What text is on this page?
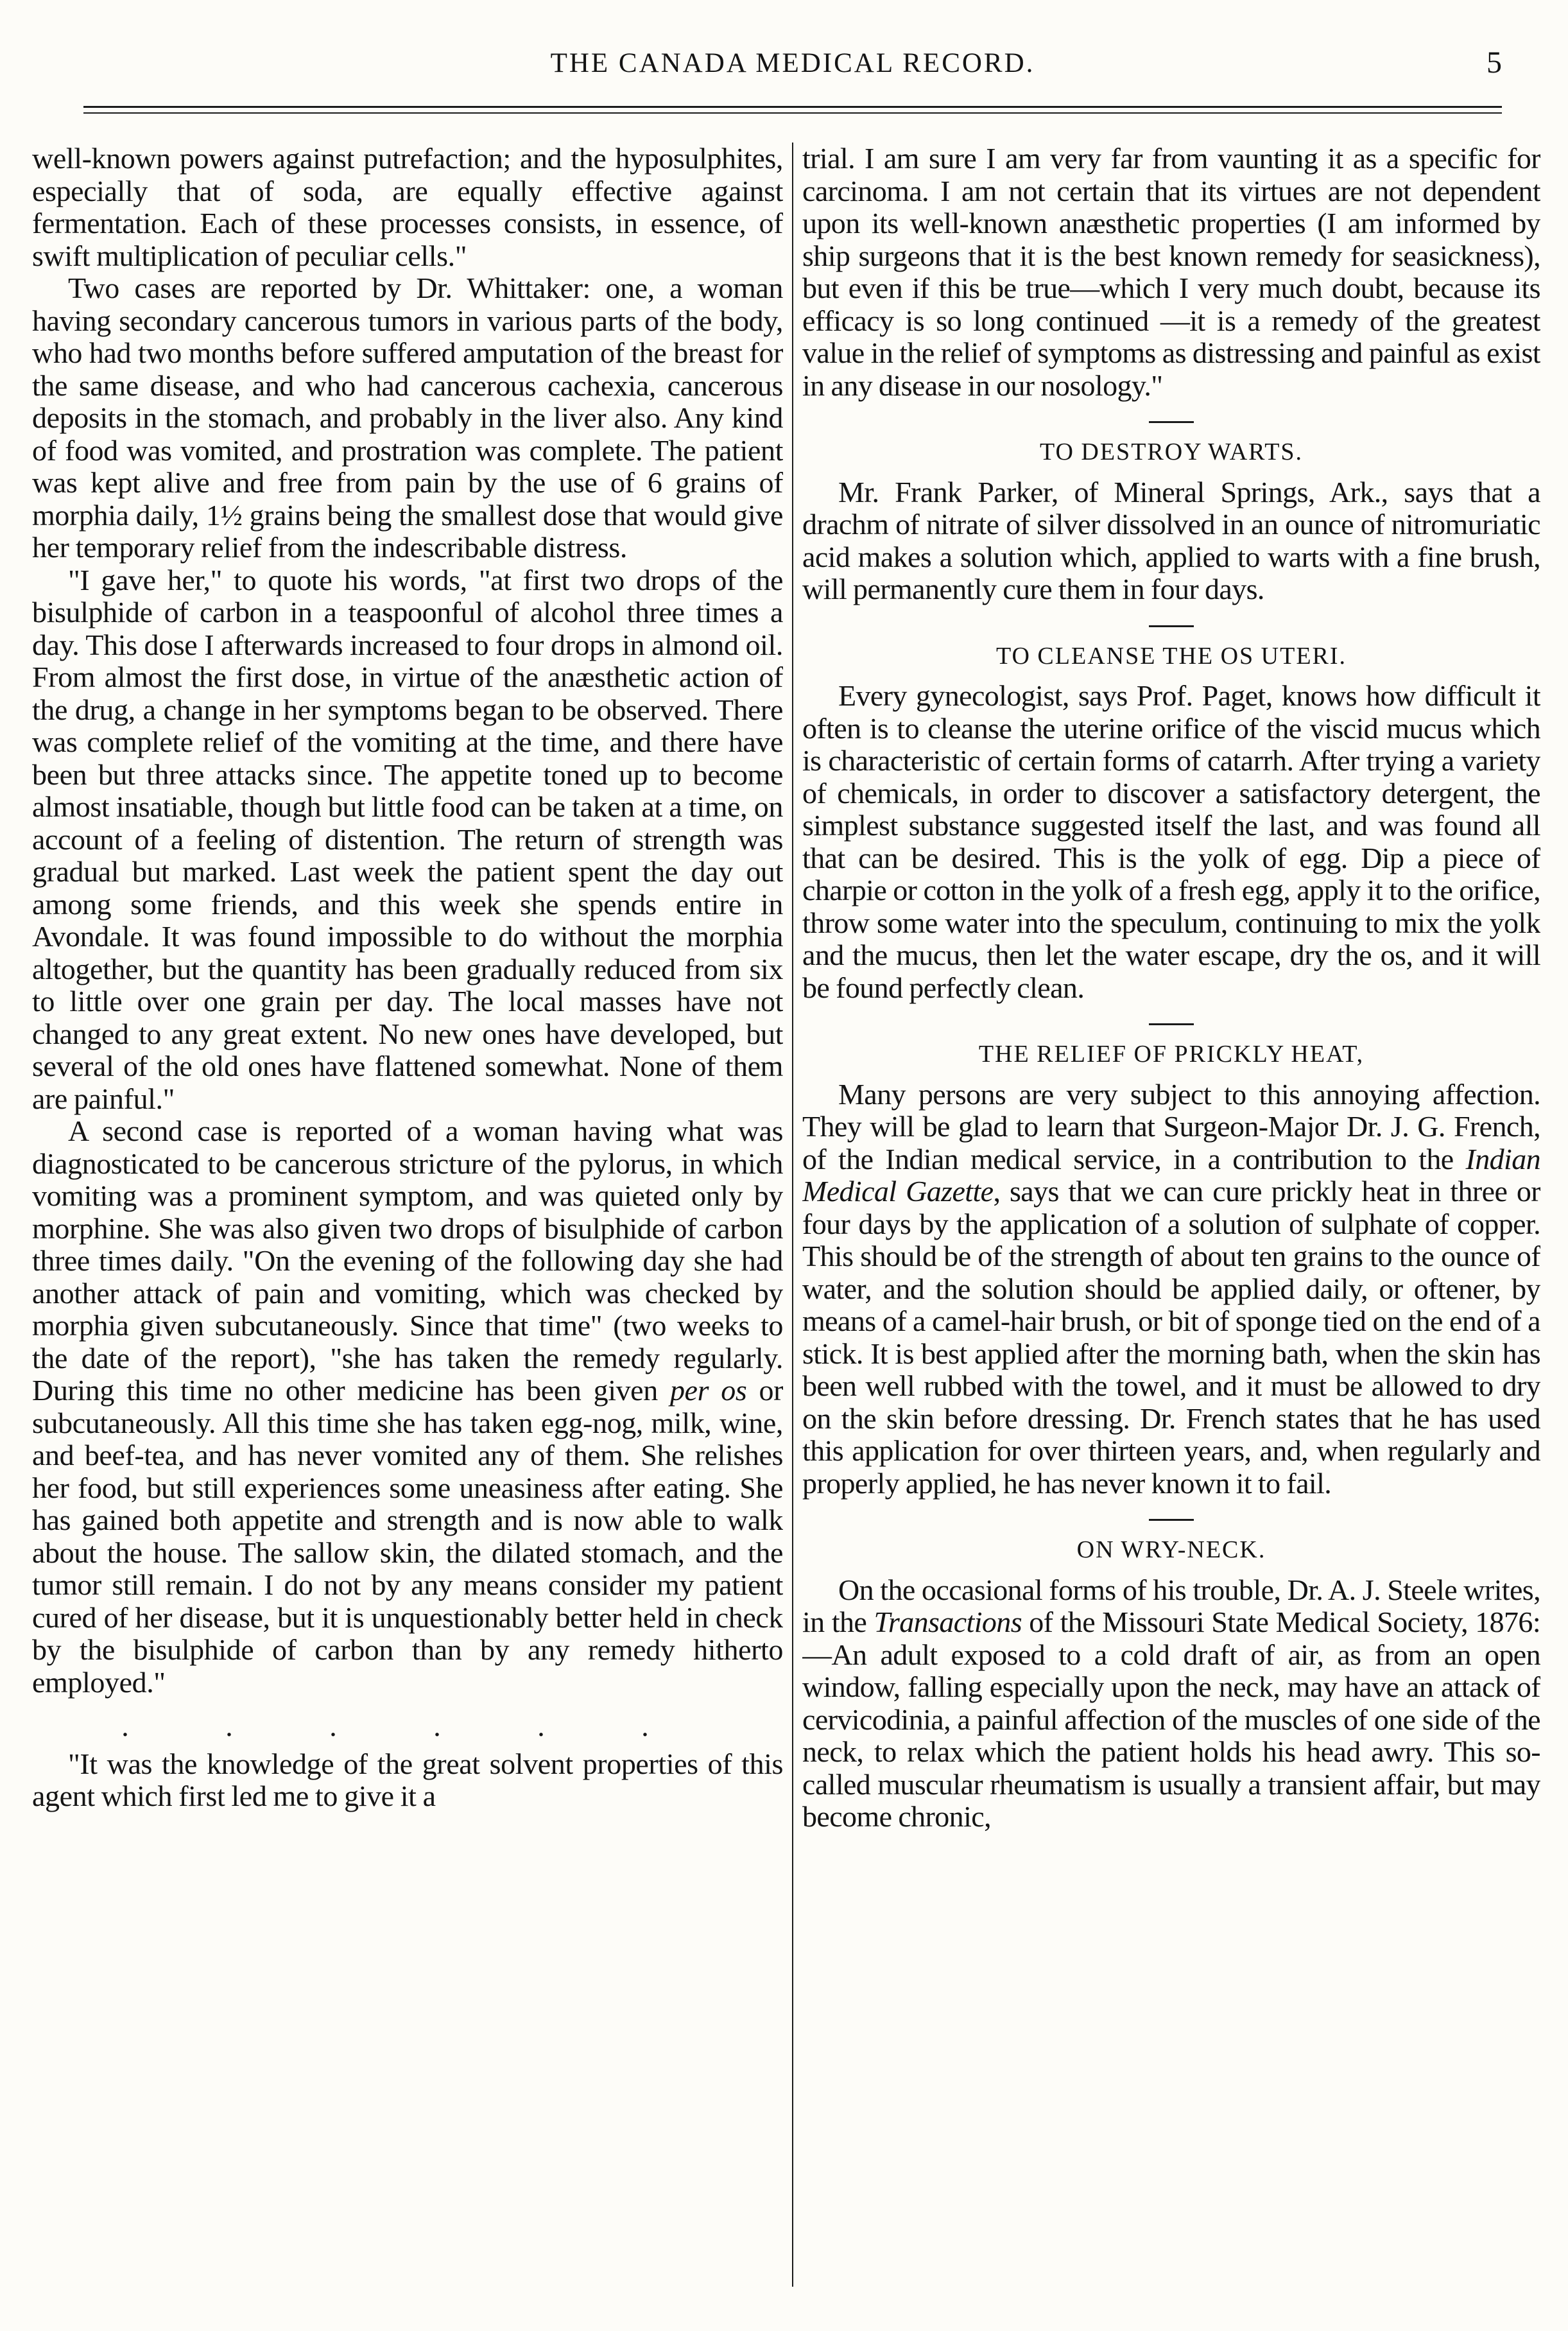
THE CANADA MEDICAL RECORD.	5

well-known powers against putrefaction; and the hyposulphites, especially that of soda, are equally effective against fermentation. Each of these processes consists, in essence, of swift multiplication of peculiar cells."

Two cases are reported by Dr. Whittaker: one, a woman having secondary cancerous tumors in various parts of the body, who had two months before suffered amputation of the breast for the same disease, and who had cancerous cachexia, cancerous deposits in the stomach, and probably in the liver also. Any kind of food was vomited, and prostration was complete. The patient was kept alive and free from pain by the use of 6 grains of morphia daily, 1½ grains being the smallest dose that would give her temporary relief from the indescribable distress.

"I gave her," to quote his words, "at first two drops of the bisulphide of carbon in a teaspoonful of alcohol three times a day. This dose I afterwards increased to four drops in almond oil. From almost the first dose, in virtue of the anæsthetic action of the drug, a change in her symptoms began to be observed. There was complete relief of the vomiting at the time, and there have been but three attacks since. The appetite toned up to become almost insatiable, though but little food can be taken at a time, on account of a feeling of distention. The return of strength was gradual but marked. Last week the patient spent the day out among some friends, and this week she spends entire in Avondale. It was found impossible to do without the morphia altogether, but the quantity has been gradually reduced from six to little over one grain per day. The local masses have not changed to any great extent. No new ones have developed, but several of the old ones have flattened somewhat. None of them are painful."

A second case is reported of a woman having what was diagnosticated to be cancerous stricture of the pylorus, in which vomiting was a prominent symptom, and was quieted only by morphine. She was also given two drops of bisulphide of carbon three times daily. "On the evening of the following day she had another attack of pain and vomiting, which was checked by morphia given subcutaneously. Since that time" (two weeks to the date of the report), "she has taken the remedy regularly. During this time no other medicine has been given per os or subcutaneously. All this time she has taken egg-nog, milk, wine, and beef-tea, and has never vomited any of them. She relishes her food, but still experiences some uneasiness after eating. She has gained both appetite and strength and is now able to walk about the house. The sallow skin, the dilated stomach, and the tumor still remain. I do not by any means consider my patient cured of her disease, but it is unquestionably better held in check by the bisulphide of carbon than by any remedy hitherto employed."

. . . . . .

"It was the knowledge of the great solvent properties of this agent which first led me to give it a

trial. I am sure I am very far from vaunting it as a specific for carcinoma. I am not certain that its virtues are not dependent upon its well-known anæsthetic properties (I am informed by ship surgeons that it is the best known remedy for seasickness), but even if this be true—which I very much doubt, because its efficacy is so long continued —it is a remedy of the greatest value in the relief of symptoms as distressing and painful as exist in any disease in our nosology."

TO DESTROY WARTS.

Mr. Frank Parker, of Mineral Springs, Ark., says that a drachm of nitrate of silver dissolved in an ounce of nitromuriatic acid makes a solution which, applied to warts with a fine brush, will permanently cure them in four days.

TO CLEANSE THE OS UTERI.

Every gynecologist, says Prof. Paget, knows how difficult it often is to cleanse the uterine orifice of the viscid mucus which is characteristic of certain forms of catarrh. After trying a variety of chemicals, in order to discover a satisfactory detergent, the simplest substance suggested itself the last, and was found all that can be desired. This is the yolk of egg. Dip a piece of charpie or cotton in the yolk of a fresh egg, apply it to the orifice, throw some water into the speculum, continuing to mix the yolk and the mucus, then let the water escape, dry the os, and it will be found perfectly clean.

THE RELIEF OF PRICKLY HEAT,

Many persons are very subject to this annoying affection. They will be glad to learn that Surgeon-Major Dr. J. G. French, of the Indian medical service, in a contribution to the Indian Medical Gazette, says that we can cure prickly heat in three or four days by the application of a solution of sulphate of copper. This should be of the strength of about ten grains to the ounce of water, and the solution should be applied daily, or oftener, by means of a camel-hair brush, or bit of sponge tied on the end of a stick. It is best applied after the morning bath, when the skin has been well rubbed with the towel, and it must be allowed to dry on the skin before dressing. Dr. French states that he has used this application for over thirteen years, and, when regularly and properly applied, he has never known it to fail.

ON WRY-NECK.

On the occasional forms of his trouble, Dr. A. J. Steele writes, in the Transactions of the Missouri State Medical Society, 1876:—An adult exposed to a cold draft of air, as from an open window, falling especially upon the neck, may have an attack of cervicodinia, a painful affection of the muscles of one side of the neck, to relax which the patient holds his head awry. This so-called muscular rheumatism is usually a transient affair, but may become chronic,
